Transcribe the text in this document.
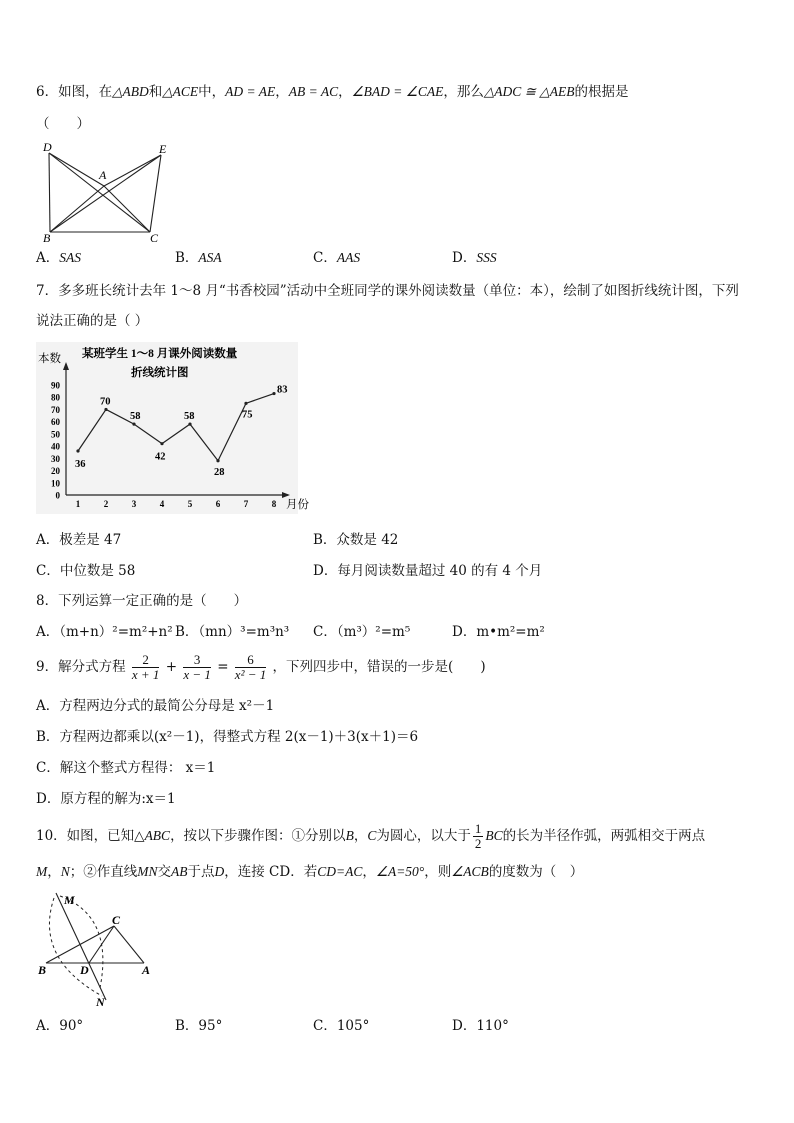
6．如图，在△ABD和△ACE中，AD = AE，AB = AC，∠BAD = ∠CAE，那么△ADC ≅ △AEB的根据是
（　　）
D	E
A
B	C
A．SAS	B．ASA	C．AAS	D．SSS
7．多多班长统计去年 1～8 月“书香校园”活动中全班同学的课外阅读数量（单位：本），绘制了如图折线统计图，下列
说法正确的是（ ）
本数 某班学生 1～8 月课外阅读数量
折线统计图
月份
0
10
20
30
40
50
60
70
80
90
1	2	3	4	5	6	7	8
36
70
58
42
58
28
75
83
A．极差是 47	B．众数是 42
C．中位数是 58	D．每月阅读数量超过 40 的有 4 个月
8．下列运算一定正确的是（　　）
A．（m+n）²=m²+n² B．（mn）³=m³n³ C．（m³）²=m⁵	D．m•m²=m²
9．解分式方程 $\frac{2}{x + 1} + \frac{3}{x - 1} = \frac{6}{\text{x² − 1}}$ ，下列四步中，错误的一步是(　　)
A．方程两边分式的最简公分母是 x²－1
B．方程两边都乘以(x²－1)，得整式方程 2(x－1)＋3(x＋1)＝6
C．解这个整式方程得： x＝1
D．原方程的解为:x＝1
10．如图，已知△ABC，按以下步骤作图：①分别以B，C为圆心，以大于 $\frac{1}{2}$ BC的长为半径作弧，两弧相交于两点
M，N；②作直线MN交AB于点D，连接 CD．若CD=AC，∠A=50°，则∠ACB的度数为（　）
M
C
B	D	A
N
A．90°	B．95°	C．105°	D．110°
